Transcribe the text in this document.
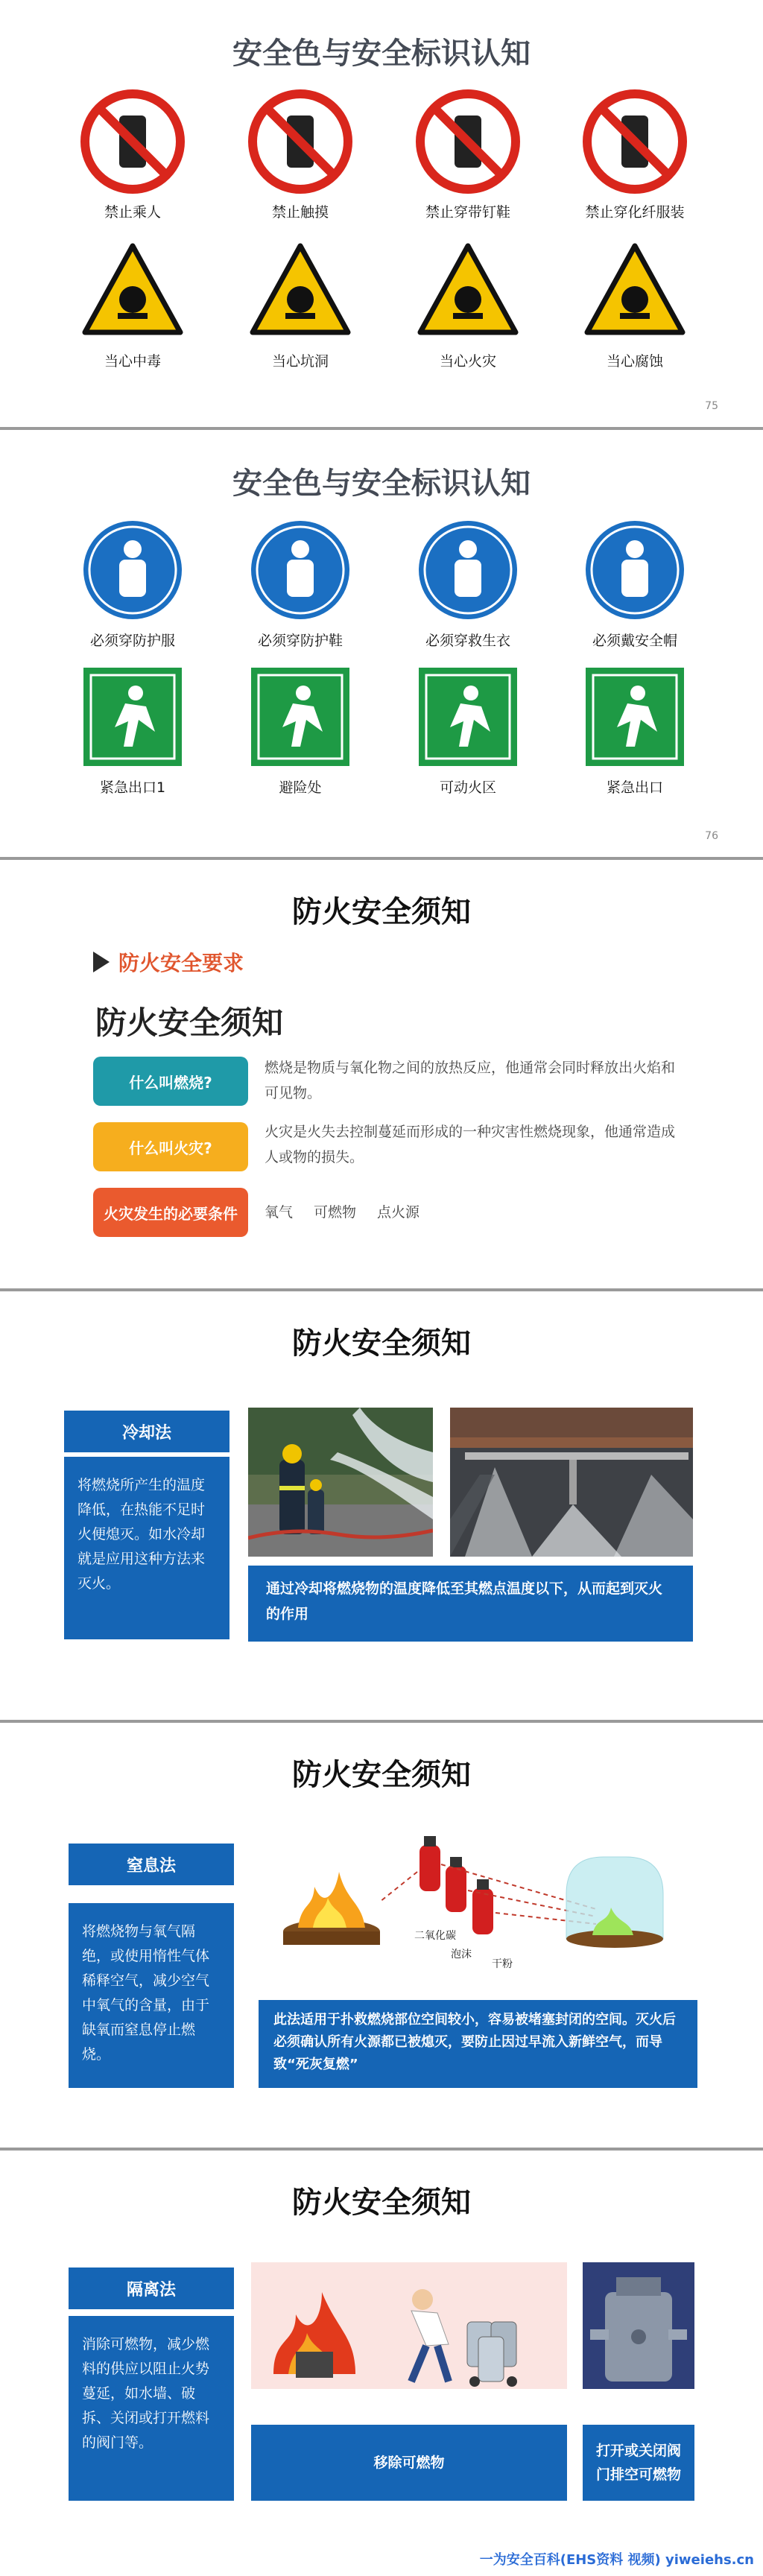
安全色与安全标识认知
禁止乘人	禁止触摸	禁止穿带钉鞋	禁止穿化纤服装
当心中毒	当心坑洞	当心火灾	当心腐蚀
75
安全色与安全标识认知
必须穿防护服	必须穿防护鞋	必须穿救生衣	必须戴安全帽
紧急出口1	避险处	可动火区	紧急出口
76
防火安全须知
防火安全要求
防火安全须知
什么叫燃烧?
燃烧是物质与氧化物之间的放热反应，他通常会同时释放出火焰和可见物。
什么叫火灾?
火灾是火失去控制蔓延而形成的一种灾害性燃烧现象，他通常造成人或物的损失。
火灾发生的必要条件	氧气 可燃物 点火源
防火安全须知
冷却法
将燃烧所产生的温度降低，在热能不足时火便熄灭。如水冷却就是应用这种方法来灭火。	通过冷却将燃烧物的温度降低至其燃点温度以下，从而起到灭火的作用
防火安全须知
窒息法
将燃烧物与氧气隔绝，或使用惰性气体稀释空气，减少空气中氧气的含量，由于缺氧而窒息停止燃烧。
二氧化碳
泡沫
干粉
此法适用于扑救燃烧部位空间较小，容易被堵塞封闭的空间。灭火后必须确认所有火源都已被熄灭，要防止因过早流入新鲜空气，而导致“死灰复燃”
防火安全须知
隔离法
消除可燃物，减少燃料的供应以阻止火势蔓延，如水墙、破拆、关闭或打开燃料的阀门等。
移除可燃物
打开或关闭阀门排空可燃物
一为安全百科(EHS资料 视频) yiweiehs.cn
